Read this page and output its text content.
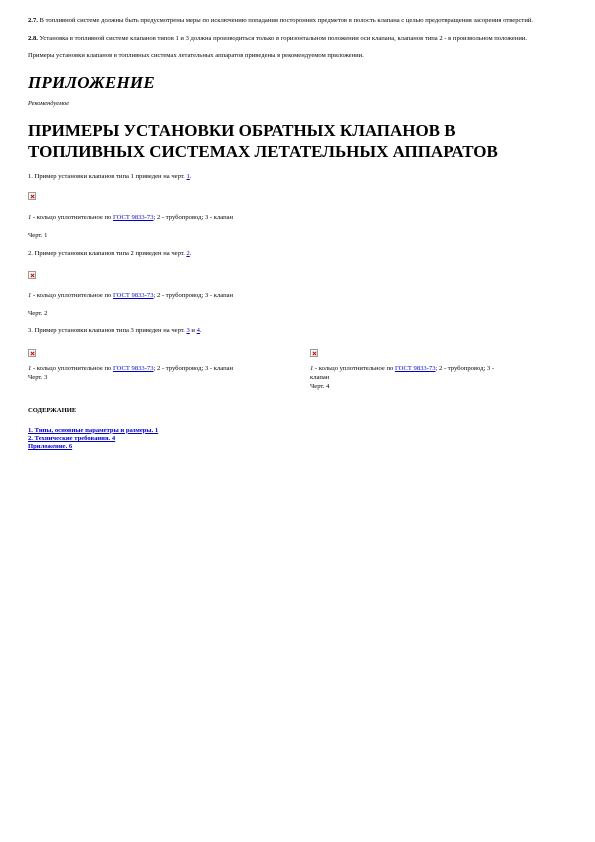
2.7. В топливной системе должны быть предусмотрены меры по исключению попадания посторонних предметов в полость клапана с целью предотвращения засорения отверстий.

2.8. Установка в топливной системе клапанов типов 1 и 3 должна производиться только в горизонтальном положении оси клапана, клапанов типа 2 - в произвольном положении.

Примеры установки клапанов в топливных системах летательных аппаратов приведены в рекомендуемом приложении.

ПРИЛОЖЕНИЕ

Рекомендуемое

ПРИМЕРЫ УСТАНОВКИ ОБРАТНЫХ КЛАПАНОВ В
ТОПЛИВНЫХ СИСТЕМАХ ЛЕТАТЕЛЬНЫХ АППАРАТОВ

1. Пример установки клапанов типа 1 приведен на черт. 1.

1 - кольцо уплотнительное по ГОСТ 9833-73; 2 - трубопровод; 3 - клапан

Черт. 1

2. Пример установки клапанов типа 2 приведен на черт. 2.

1 - кольцо уплотнительное по ГОСТ 9833-73; 2 - трубопровод; 3 - клапан

Черт. 2

3. Пример установки клапанов типа 3 приведен на черт. 3 и 4.

1 - кольцо уплотнительное по ГОСТ 9833-73; 2 - трубопровод; 3 - клапан

Черт. 3

1 - кольцо уплотнительное по ГОСТ 9833-73; 2 - трубопровод; 3 -
клапан

Черт. 4

СОДЕРЖАНИЕ

1. Типы, основные параметры и размеры. 1
2. Технические требования. 4
Приложение. 6
